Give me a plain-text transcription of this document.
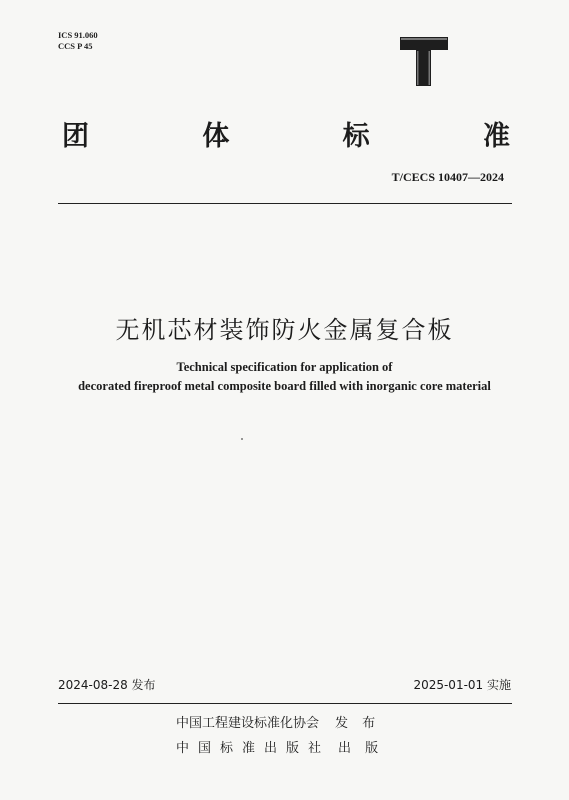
ICS 91.060
CCS P 45
团	体	标	准
T/CECS 10407—2024
无机芯材装饰防火金属复合板
Technical specification for application of
decorated fireproof metal composite board filled with inorganic core material
2024-08-28 发布	2025-01-01 实施
中国工程建设标准化协会 发 布
中国标准出版社 出 版
